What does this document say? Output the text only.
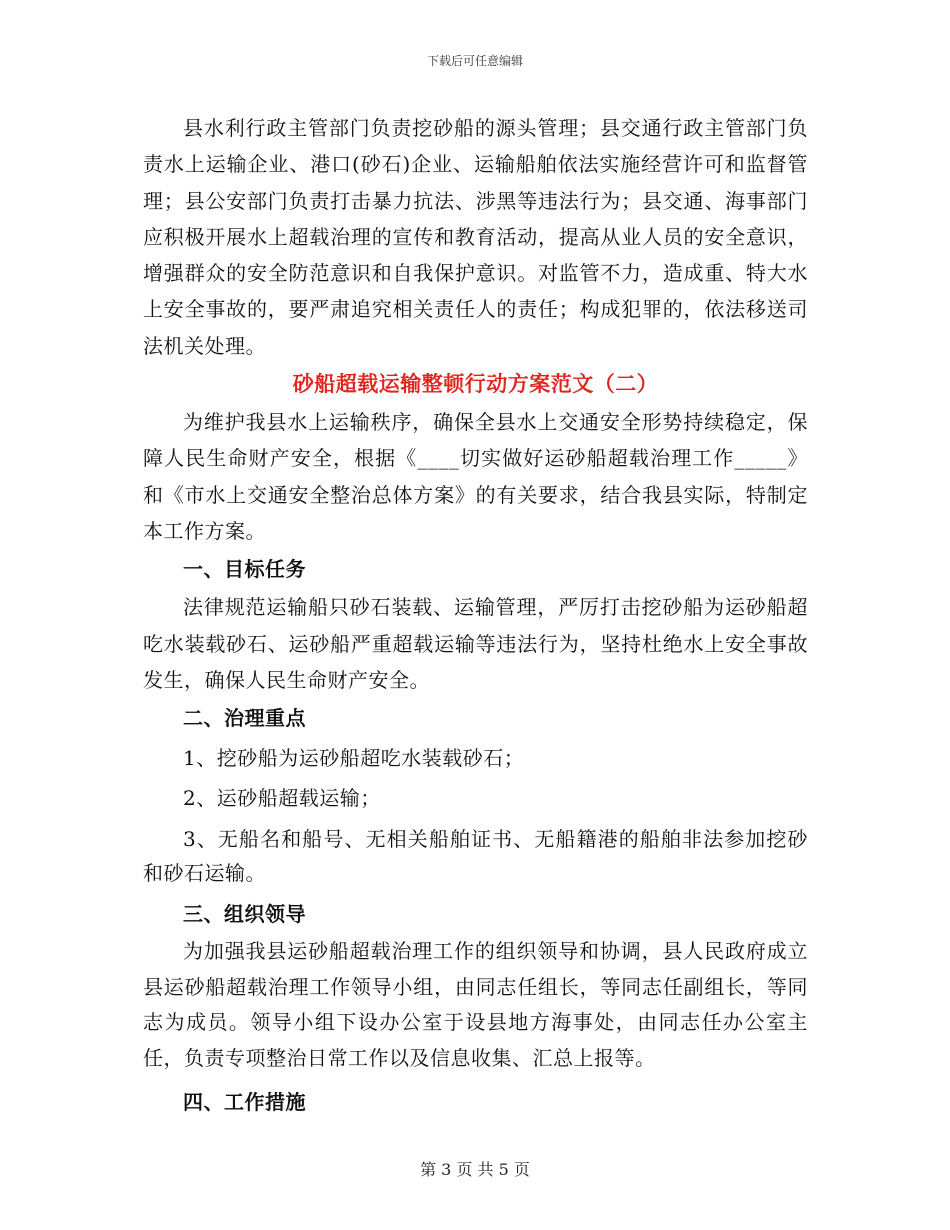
下载后可任意编辑

县水利行政主管部门负责挖砂船的源头管理；县交通行政主管部门负责水上运输企业、港口(砂石)企业、运输船舶依法实施经营许可和监督管理；县公安部门负责打击暴力抗法、涉黑等违法行为；县交通、海事部门应积极开展水上超载治理的宣传和教育活动，提高从业人员的安全意识，增强群众的安全防范意识和自我保护意识。对监管不力，造成重、特大水上安全事故的，要严肃追究相关责任人的责任；构成犯罪的，依法移送司法机关处理。

砂船超载运输整顿行动方案范文（二）

为维护我县水上运输秩序，确保全县水上交通安全形势持续稳定，保障人民生命财产安全，根据《____切实做好运砂船超载治理工作_____》和《市水上交通安全整治总体方案》的有关要求，结合我县实际，特制定本工作方案。

一、目标任务

法律规范运输船只砂石装载、运输管理，严厉打击挖砂船为运砂船超吃水装载砂石、运砂船严重超载运输等违法行为，坚持杜绝水上安全事故发生，确保人民生命财产安全。

二、治理重点

1、挖砂船为运砂船超吃水装载砂石；

2、运砂船超载运输；

3、无船名和船号、无相关船舶证书、无船籍港的船舶非法参加挖砂和砂石运输。

三、组织领导

为加强我县运砂船超载治理工作的组织领导和协调，县人民政府成立县运砂船超载治理工作领导小组，由同志任组长，等同志任副组长，等同志为成员。领导小组下设办公室于设县地方海事处，由同志任办公室主任，负责专项整治日常工作以及信息收集、汇总上报等。

四、工作措施

第 3 页 共 5 页
